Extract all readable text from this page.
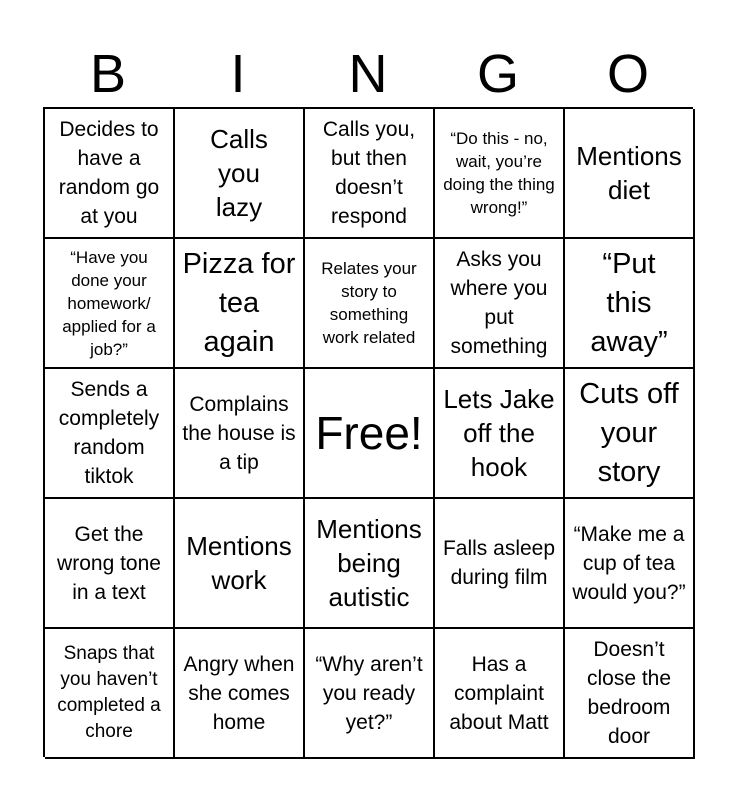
B	I	N	G	O
Decides to have a random go at you
Calls you lazy
Calls you, but then doesn’t respond
“Do this - no, wait, you’re doing the thing wrong!”
Mentions diet
“Have you done your homework/ applied for a job?”
Pizza for tea again
Relates your story to something work related
Asks you where you put something
“Put this away”
Sends a completely random tiktok
Complains the house is a tip
Free!
Lets Jake off the hook
Cuts off your story
Get the wrong tone in a text
Mentions work
Mentions being autistic
Falls asleep during film
“Make me a cup of tea would you?”
Snaps that you haven’t completed a chore
Angry when she comes home
“Why aren’t you ready yet?”
Has a complaint about Matt
Doesn’t close the bedroom door
